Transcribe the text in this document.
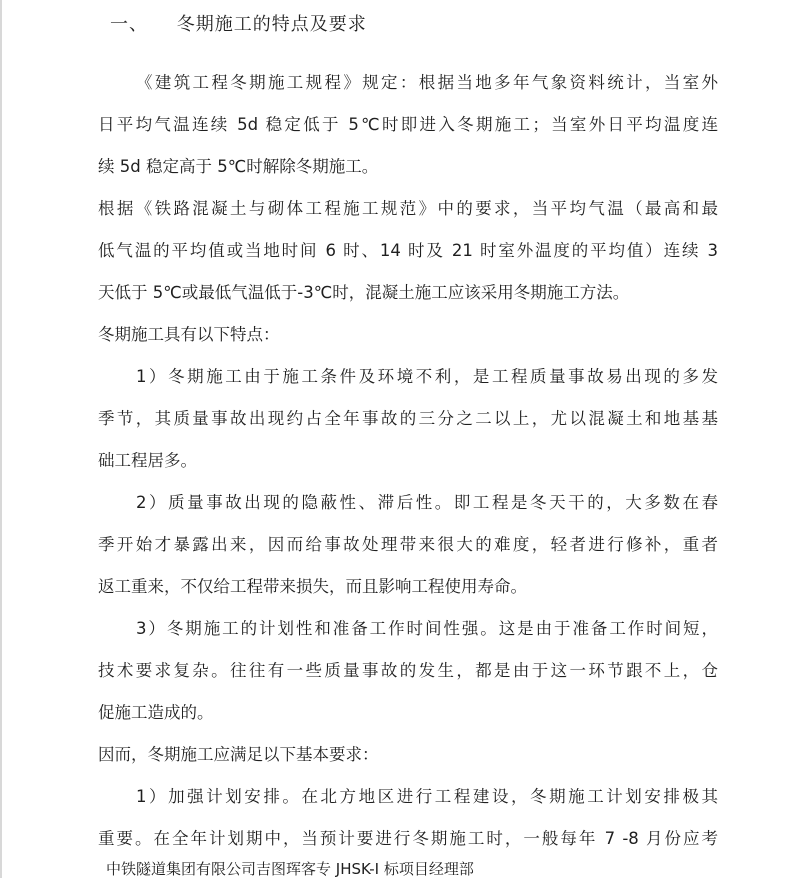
一、 冬期施工的特点及要求
《建筑工程冬期施工规程》规定：根据当地多年气象资料统计，当室外
日平均气温连续 5d 稳定低于 5℃时即进入冬期施工；当室外日平均温度连
续 5d 稳定高于 5℃时解除冬期施工。
根据《铁路混凝土与砌体工程施工规范》中的要求，当平均气温（最高和最
低气温的平均值或当地时间 6 时、14 时及 21 时室外温度的平均值）连续 3
天低于 5℃或最低气温低于-3℃时，混凝土施工应该采用冬期施工方法。
冬期施工具有以下特点：
1）冬期施工由于施工条件及环境不利，是工程质量事故易出现的多发
季节，其质量事故出现约占全年事故的三分之二以上，尤以混凝土和地基基
础工程居多。
2）质量事故出现的隐蔽性、滞后性。即工程是冬天干的，大多数在春
季开始才暴露出来，因而给事故处理带来很大的难度，轻者进行修补，重者
返工重来，不仅给工程带来损失，而且影响工程使用寿命。
3）冬期施工的计划性和准备工作时间性强。这是由于准备工作时间短，
技术要求复杂。往往有一些质量事故的发生，都是由于这一环节跟不上，仓
促施工造成的。
因而，冬期施工应满足以下基本要求：
1）加强计划安排。在北方地区进行工程建设，冬期施工计划安排极其
重要。在全年计划期中，当预计要进行冬期施工时，一般每年 7 -8 月份应考
中铁隧道集团有限公司吉图珲客专 JHSK-I 标项目经理部
